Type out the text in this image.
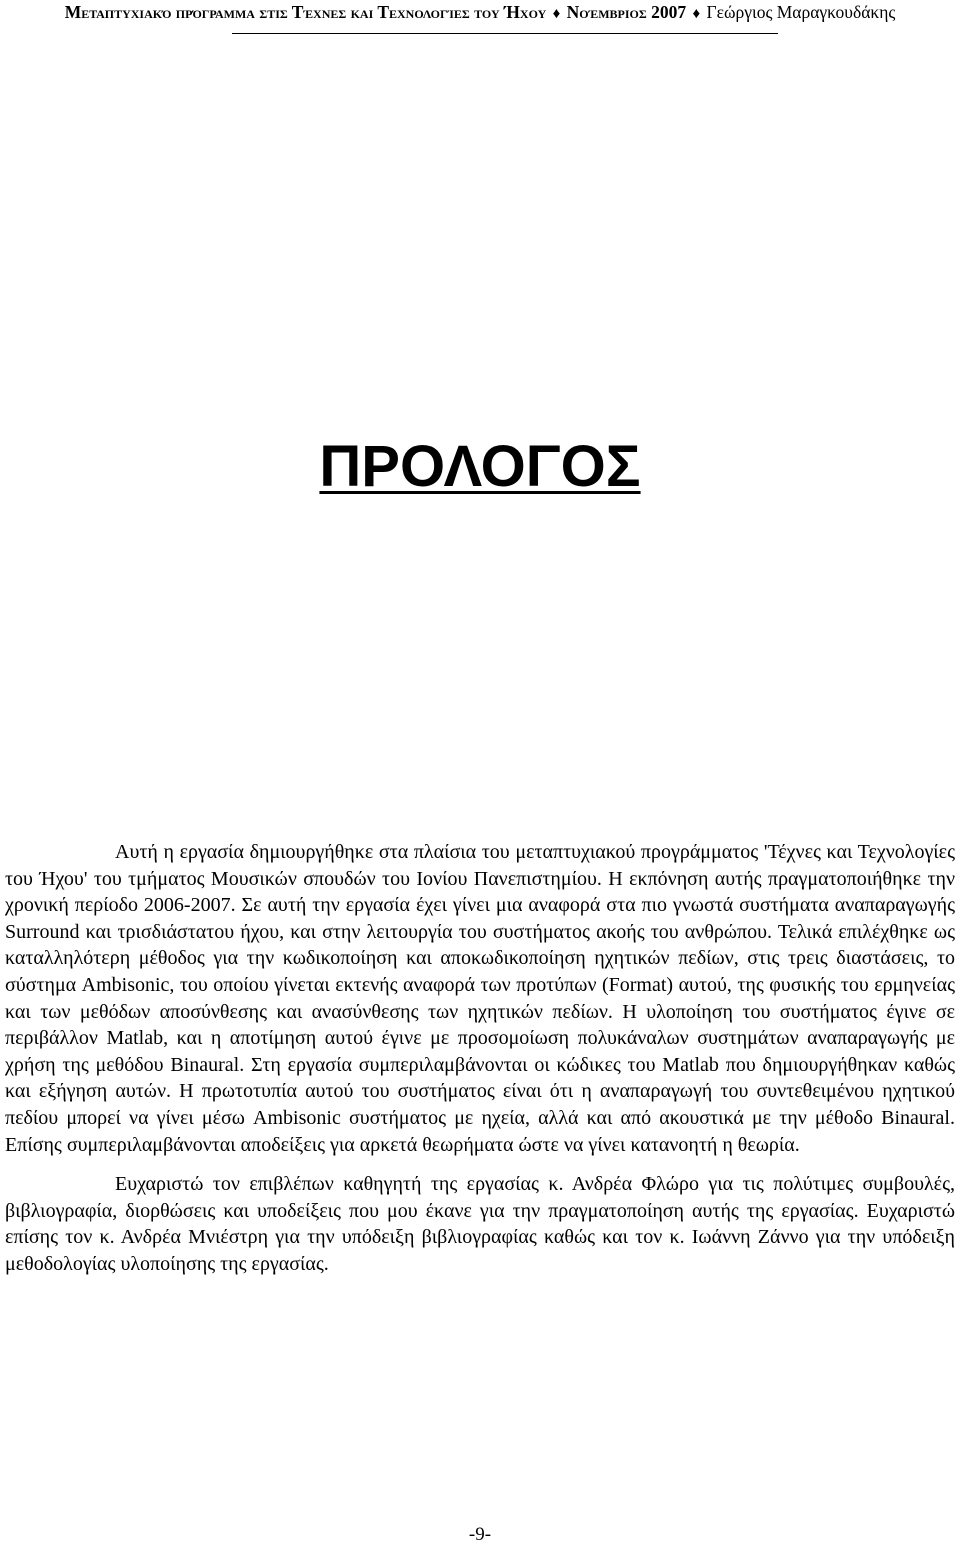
Μεταπτυχιακό πρόγραμμα στις Τέχνες και Τεχνολογίες του Ήχου ♦ Νοέμβριος 2007 ♦ Γεώργιος Μαραγκουδάκης
ΠΡΟΛΟΓΟΣ

Αυτή η εργασία δημιουργήθηκε στα πλαίσια του μεταπτυχιακού προγράμματος 'Τέχνες και Τεχνολογίες του Ήχου' του τμήματος Μουσικών σπουδών του Ιονίου Πανεπιστημίου. Η εκπόνηση αυτής πραγματοποιήθηκε την χρονική περίοδο 2006-2007. Σε αυτή την εργασία έχει γίνει μια αναφορά στα πιο γνωστά συστήματα αναπαραγωγής Surround και τρισδιάστατου ήχου, και στην λειτουργία του συστήματος ακοής του ανθρώπου. Τελικά επιλέχθηκε ως καταλληλότερη μέθοδος για την κωδικοποίηση και αποκωδικοποίηση ηχητικών πεδίων, στις τρεις διαστάσεις, το σύστημα Ambisonic, του οποίου γίνεται εκτενής αναφορά των προτύπων (Format) αυτού, της φυσικής του ερμηνείας και των μεθόδων αποσύνθεσης και ανασύνθεσης των ηχητικών πεδίων. Η υλοποίηση του συστήματος έγινε σε περιβάλλον Matlab, και η αποτίμηση αυτού έγινε με προσομοίωση πολυκάναλων συστημάτων αναπαραγωγής με χρήση της μεθόδου Binaural. Στη εργασία συμπεριλαμβάνονται οι κώδικες του Matlab που δημιουργήθηκαν καθώς και εξήγηση αυτών. Η πρωτοτυπία αυτού του συστήματος είναι ότι η αναπαραγωγή του συντεθειμένου ηχητικού πεδίου μπορεί να γίνει μέσω Ambisonic συστήματος με ηχεία, αλλά και από ακουστικά με την μέθοδο Binaural. Επίσης συμπεριλαμβάνονται αποδείξεις για αρκετά θεωρήματα ώστε να γίνει κατανοητή η θεωρία.

Ευχαριστώ τον επιβλέπων καθηγητή της εργασίας κ. Ανδρέα Φλώρο για τις πολύτιμες συμβουλές, βιβλιογραφία, διορθώσεις και υποδείξεις που μου έκανε για την πραγματοποίηση αυτής της εργασίας. Ευχαριστώ επίσης τον κ. Ανδρέα Μνιέστρη για την υπόδειξη βιβλιογραφίας καθώς και τον κ. Ιωάννη Ζάννο για την υπόδειξη μεθοδολογίας υλοποίησης της εργασίας.

-9-
